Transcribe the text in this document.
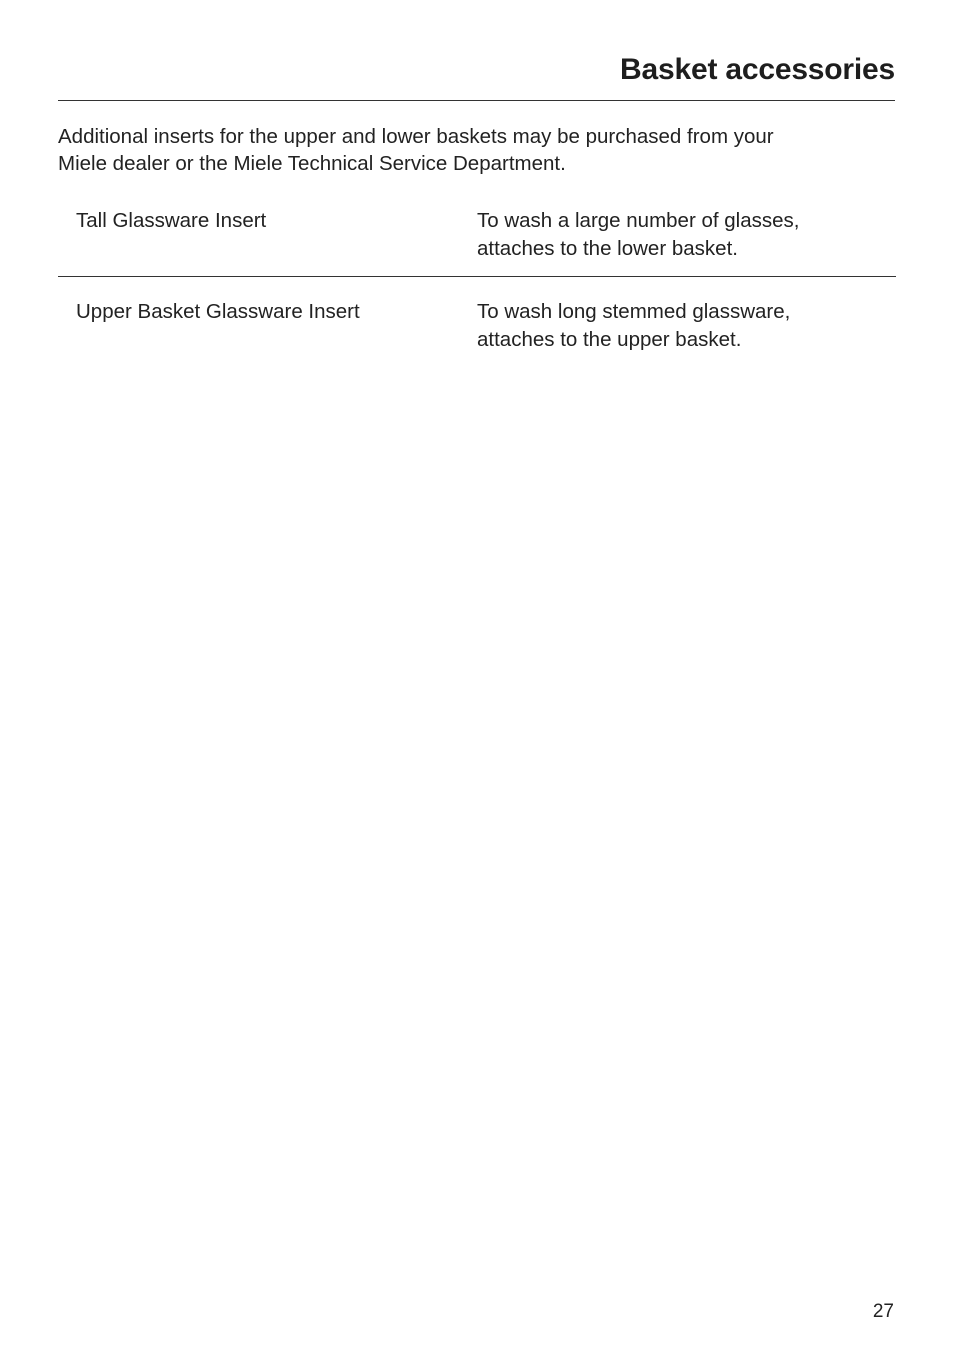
Basket accessories

Additional inserts for the upper and lower baskets may be purchased from your
Miele dealer or the Miele Technical Service Department.

Tall Glassware Insert	To wash a large number of glasses,
attaches to the lower basket.
Upper Basket Glassware Insert	To wash long stemmed glassware,
attaches to the upper basket.
27
